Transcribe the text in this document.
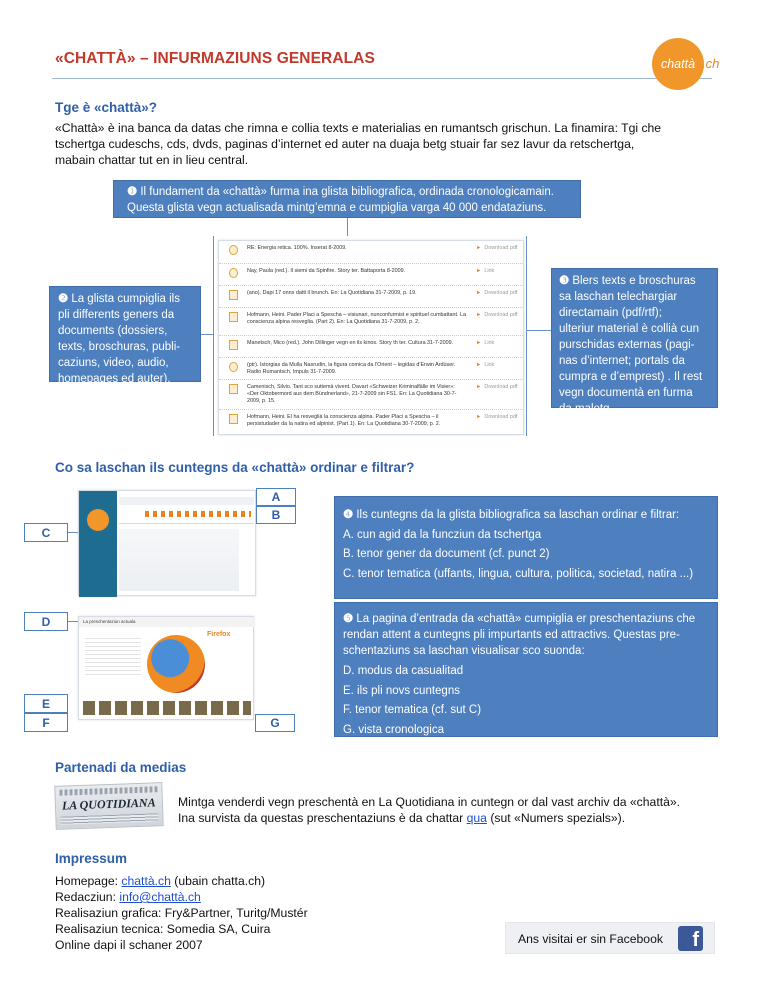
«CHATTÀ» – INFURMAZIUNS GENERALAS	chattà .ch
Tge è «chattà»?
«Chattà» è ina banca da datas che rimna e collia texts e materialias en rumantsch grischun. La finamira: Tgi che
tschertga cudeschs, cds, dvds, paginas d’internet ed auter na duaja betg stuair far sez lavur da retschertga,
mabain chattar tut en in lieu central.
❶ Il fundament da «chattà» furma ina glista bibliografica, ordinada cronologicamain.
Questa glista vegn actualisada mintg’emna e cumpiglia varga 40 000 endataziuns.
RE: Energia retica. 100%. Inserat 8-2009.	► Download pdf
Nay, Paula (red.). Il siemi da Spinfire. Story ter. Battaporta 8-2009.	► Link
(ano). Dapi 17 onns datti il brunch. En: La Quotidiana 31-7-2009, p. 19.	► Download pdf
Hofmann, Heini. Pader Placi a Spescha – visiunari, nunconfurmist e spirituel cumbattant. La conscienza alpina resveglia. (Part 2). En: La Quotidiana 31-7-2009, p. 2.
► Download pdf
Manetsch, Mico (red.). John Dillinger vegn en ils kinos. Story th ter. Cultura 31-7-2009.	► Link
(ptr). Istorgias da Mulla Nasrudin, la figura comica da l'Orient – legidas d'Erwin Ardüser. Radio Rumantsch, Impuls 31-7-2009.
► Link
Camenisch, Silvio. Tant sco suttemà vivent. Davart «Schweizer Kriminalfälle im Visier»: «Der Oktobermord aus dem Bündnerland», 21-7-2009 sin FS1. En: La Quotidiana 30-7-2009, p. 15.
► Download pdf
Hofmann, Heini. El ha resveglià la conscienza alpina. Pader Placi a Spescha – il persistudader da la natira ed alpinist. (Part 1). En: La Quotidiana 30-7-2009, p. 2.
► Download pdf
❷ La glista cumpiglia ils
pli differents geners da
documents (dossiers,
texts, broschuras, publi-
caziuns, video, audio,
homepages ed auter).
❸ Blers texts e broschuras
sa laschan telechargiar
directamain (pdf/rtf);
ulteriur material è collià cun
purschidas externas (pagi-
nas d’internet; portals da
cumpra e d’emprest) . Il rest
vegn documentà en furma
da maletg.
Co sa laschan ils cuntegns da «chattà» ordinar e filtrar?
A
B
C
❹ Ils cuntegns da la glista bibliografica sa laschan ordinar e filtrar:
A. cun agid da la funcziun da tschertga
B. tenor gener da document (cf. punct 2)
C. tenor tematica (uffants, lingua, cultura, politica, societad, natira ...)
La preschentaziun actuala
Firefox
D
E
F	G
❺ La pagina d’entrada da «chattà» cumpiglia er preschentaziuns che
rendan attent a cuntegns pli impurtants ed attractivs. Questas pre-
schentaziuns sa laschan visualisar sco suonda:
D. modus da casualitad
E. ils pli novs cuntegns
F. tenor tematica (cf. sut C)
G. vista cronologica
Partenadi da medias
LA QUOTIDIANA Mintga venderdi vegn preschentà en La Quotidiana in cuntegn or dal vast archiv da «chattà».
Ina survista da questas preschentaziuns è da chattar qua (sut «Numers spezials»).
Impressum
Homepage: chattà.ch (ubain chatta.ch)
Redacziun: info@chattà.ch
Realisaziun grafica: Fry&Partner, Turitg/Mustér
Realisaziun tecnica: Somedia SA, Cuira
Online dapi il schaner 2007	Ans visitai er sin Facebook	f
